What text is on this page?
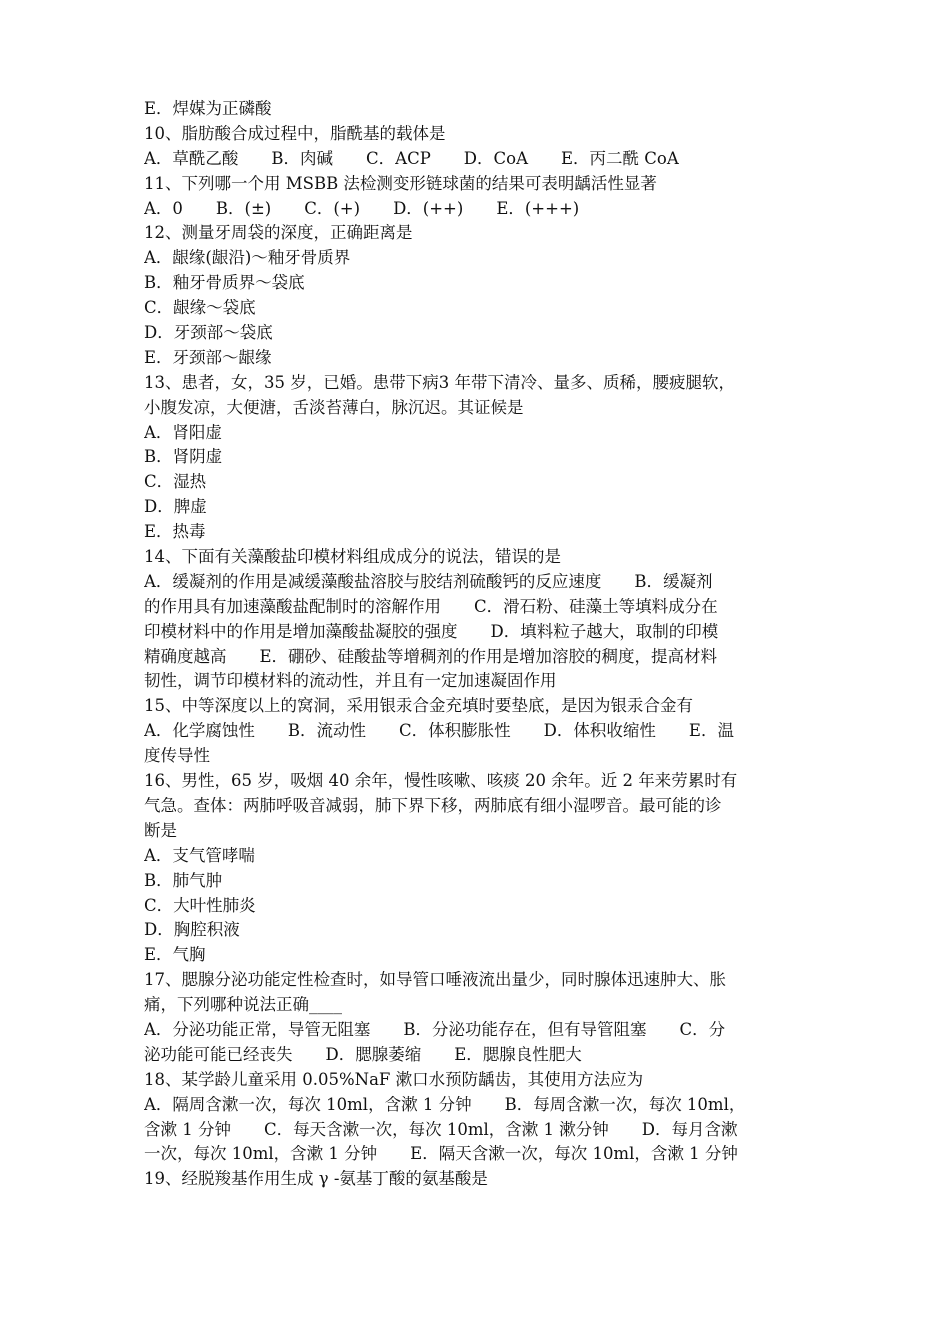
E．焊媒为正磷酸
10、脂肪酸合成过程中，脂酰基的载体是
A．草酰乙酸　　B．肉碱　　C．ACP　　D．CoA　　E．丙二酰 CoA
11、下列哪一个用 MSBB 法检测变形链球菌的结果可表明龋活性显著
A．0　　B．(±)　　C．(+)　　D．(++)　　E．(+++)
12、测量牙周袋的深度，正确距离是
A．龈缘(龈沿)～釉牙骨质界
B．釉牙骨质界～袋底
C．龈缘～袋底
D．牙颈部～袋底
E．牙颈部～龈缘
13、患者，女，35 岁，已婚。患带下病3 年带下清冷、量多、质稀，腰疲腿软，
小腹发凉，大便溏，舌淡苔薄白，脉沉迟。其证候是
A．肾阳虚
B．肾阴虚
C．湿热
D．脾虚
E．热毒
14、下面有关藻酸盐印模材料组成成分的说法，错误的是
A．缓凝剂的作用是减缓藻酸盐溶胶与胶结剂硫酸钙的反应速度　　B．缓凝剂
的作用具有加速藻酸盐配制时的溶解作用　　C．滑石粉、硅藻土等填料成分在
印模材料中的作用是增加藻酸盐凝胶的强度　　D．填料粒子越大，取制的印模
精确度越高　　E．硼砂、硅酸盐等增稠剂的作用是增加溶胶的稠度，提高材料
韧性，调节印模材料的流动性，并且有一定加速凝固作用
15、中等深度以上的窝洞，采用银汞合金充填时要垫底，是因为银汞合金有
A．化学腐蚀性　　B．流动性　　C．体积膨胀性　　D．体积收缩性　　E．温
度传导性
16、男性，65 岁，吸烟 40 余年，慢性咳嗽、咳痰 20 余年。近 2 年来劳累时有
气急。查体：两肺呼吸音减弱，肺下界下移，两肺底有细小湿啰音。最可能的诊
断是
A．支气管哮喘
B．肺气肿
C．大叶性肺炎
D．胸腔积液
E．气胸
17、腮腺分泌功能定性检查时，如导管口唾液流出量少，同时腺体迅速肿大、胀
痛，下列哪种说法正确____
A．分泌功能正常，导管无阻塞　　B．分泌功能存在，但有导管阻塞　　C．分
泌功能可能已经丧失　　D．腮腺萎缩　　E．腮腺良性肥大
18、某学龄儿童采用 0.05%NaF 漱口水预防龋齿，其使用方法应为
A．隔周含漱一次，每次 10ml，含漱 1 分钟　　B．每周含漱一次，每次 10ml，
含漱 1 分钟　　C．每天含漱一次，每次 10ml，含漱 1 漱分钟　　D．每月含漱
一次，每次 10ml，含漱 1 分钟　　E．隔天含漱一次，每次 10ml，含漱 1 分钟
19、经脱羧基作用生成 γ -氨基丁酸的氨基酸是
